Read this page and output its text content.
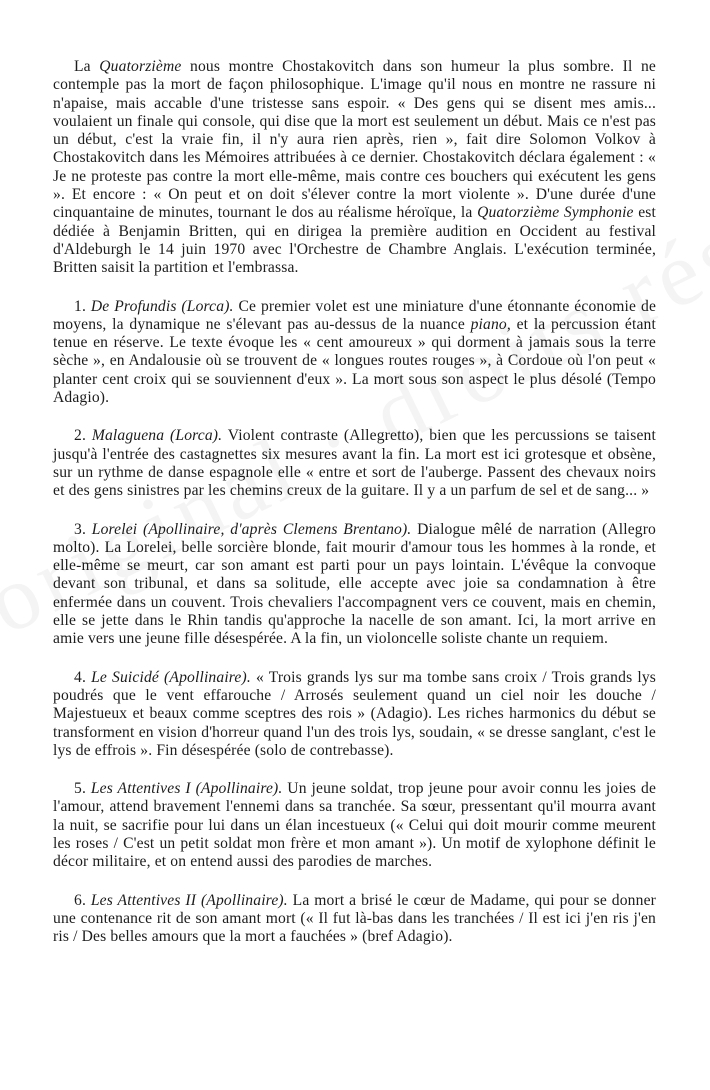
La Quatorzième nous montre Chostakovitch dans son humeur la plus sombre. Il ne contemple pas la mort de façon philosophique. L'image qu'il nous en montre ne rassure ni n'apaise, mais accable d'une tristesse sans espoir. « Des gens qui se disent mes amis... voulaient un finale qui console, qui dise que la mort est seulement un début. Mais ce n'est pas un début, c'est la vraie fin, il n'y aura rien après, rien », fait dire Solomon Volkov à Chostakovitch dans les Mémoires attribuées à ce dernier. Chostakovitch déclara également : « Je ne proteste pas contre la mort elle-même, mais contre ces bouchers qui exécutent les gens ». Et encore : « On peut et on doit s'élever contre la mort violente ». D'une durée d'une cinquantaine de minutes, tournant le dos au réalisme héroïque, la Quatorzième Symphonie est dédiée à Benjamin Britten, qui en dirigea la première audition en Occident au festival d'Aldeburgh le 14 juin 1970 avec l'Orchestre de Chambre Anglais. L'exécution terminée, Britten saisit la partition et l'embrassa.

1. De Profundis (Lorca). Ce premier volet est une miniature d'une étonnante économie de moyens, la dynamique ne s'élevant pas au-dessus de la nuance piano, et la percussion étant tenue en réserve. Le texte évoque les « cent amoureux » qui dorment à jamais sous la terre sèche », en Andalousie où se trouvent de « longues routes rouges », à Cordoue où l'on peut « planter cent croix qui se souviennent d'eux ». La mort sous son aspect le plus désolé (Tempo Adagio).

2. Malaguena (Lorca). Violent contraste (Allegretto), bien que les percussions se taisent jusqu'à l'entrée des castagnettes six mesures avant la fin. La mort est ici grotesque et obsène, sur un rythme de danse espagnole elle « entre et sort de l'auberge. Passent des chevaux noirs et des gens sinistres par les chemins creux de la guitare. Il y a un parfum de sel et de sang... »

3. Lorelei (Apollinaire, d'après Clemens Brentano). Dialogue mêlé de narration (Allegro molto). La Lorelei, belle sorcière blonde, fait mourir d'amour tous les hommes à la ronde, et elle-même se meurt, car son amant est parti pour un pays lointain. L'évêque la convoque devant son tribunal, et dans sa solitude, elle accepte avec joie sa condamnation à être enfermée dans un couvent. Trois chevaliers l'accompagnent vers ce couvent, mais en chemin, elle se jette dans le Rhin tandis qu'approche la nacelle de son amant. Ici, la mort arrive en amie vers une jeune fille désespérée. A la fin, un violoncelle soliste chante un requiem.

4. Le Suicidé (Apollinaire). « Trois grands lys sur ma tombe sans croix / Trois grands lys poudrés que le vent effarouche / Arrosés seulement quand un ciel noir les douche / Majestueux et beaux comme sceptres des rois » (Adagio). Les riches harmonics du début se transforment en vision d'horreur quand l'un des trois lys, soudain, « se dresse sanglant, c'est le lys de effrois ». Fin désespérée (solo de contrebasse).

5. Les Attentives I (Apollinaire). Un jeune soldat, trop jeune pour avoir connu les joies de l'amour, attend bravement l'ennemi dans sa tranchée. Sa sœur, pressentant qu'il mourra avant la nuit, se sacrifie pour lui dans un élan incestueux (« Celui qui doit mourir comme meurent les roses / C'est un petit soldat mon frère et mon amant »). Un motif de xylophone définit le décor militaire, et on entend aussi des parodies de marches.

6. Les Attentives II (Apollinaire). La mort a brisé le cœur de Madame, qui pour se donner une contenance rit de son amant mort (« Il fut là-bas dans les tranchées / Il est ici j'en ris j'en ris / Des belles amours que la mort a fauchées » (bref Adagio).
